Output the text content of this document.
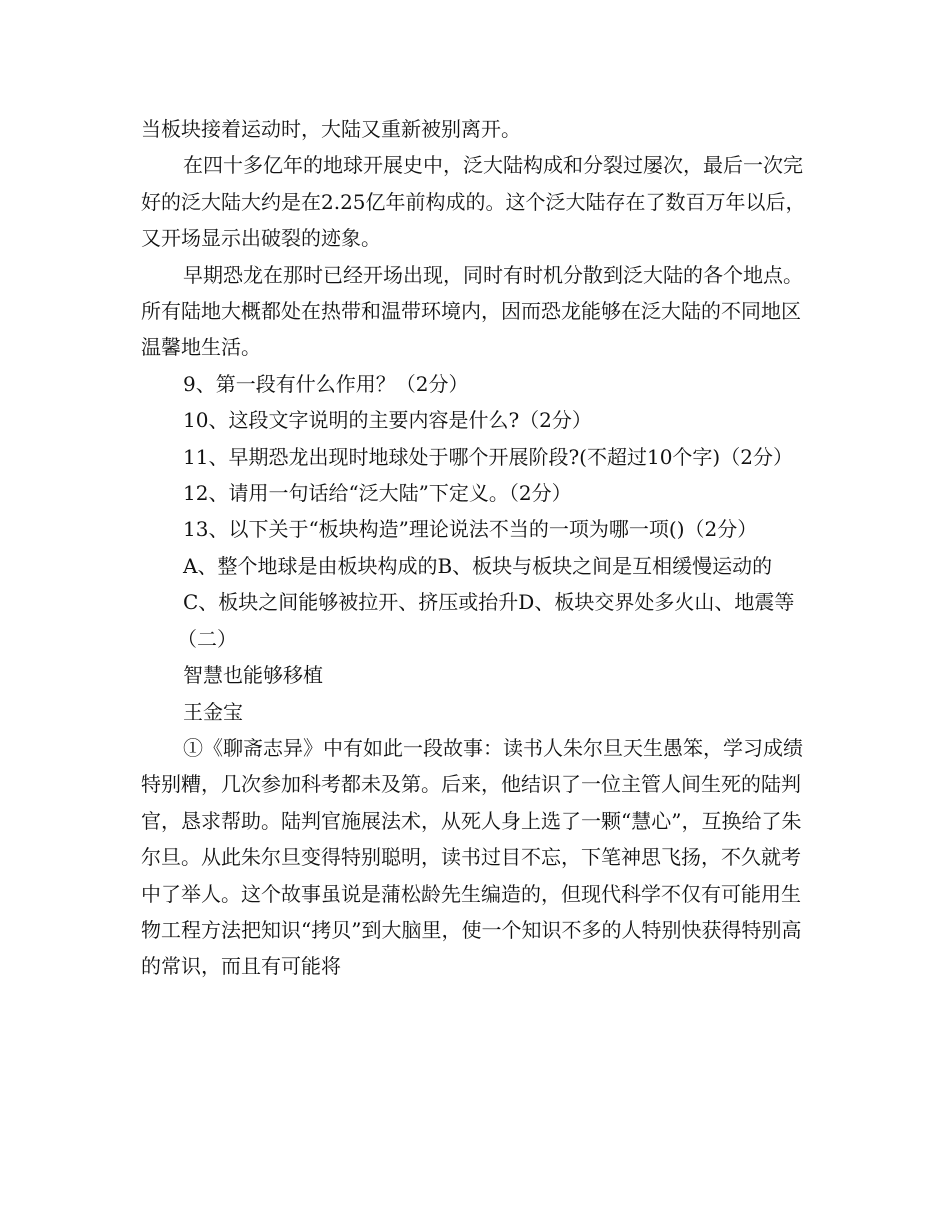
当板块接着运动时，大陆又重新被别离开。

在四十多亿年的地球开展史中，泛大陆构成和分裂过屡次，最后一次完好的泛大陆大约是在2.25亿年前构成的。这个泛大陆存在了数百万年以后，又开场显示出破裂的迹象。

早期恐龙在那时已经开场出现，同时有时机分散到泛大陆的各个地点。所有陆地大概都处在热带和温带环境内，因而恐龙能够在泛大陆的不同地区温馨地生活。

9、第一段有什么作用？（2分）

10、这段文字说明的主要内容是什么?（2分）

11、早期恐龙出现时地球处于哪个开展阶段?(不超过10个字)（2分）

12、请用一句话给“泛大陆”下定义。（2分）

13、以下关于“板块构造”理论说法不当的一项为哪一项()（2分）

A、整个地球是由板块构成的B、板块与板块之间是互相缓慢运动的

C、板块之间能够被拉开、挤压或抬升D、板块交界处多火山、地震等

（二）

智慧也能够移植

王金宝

①《聊斋志异》中有如此一段故事：读书人朱尔旦天生愚笨，学习成绩特别糟，几次参加科考都未及第。后来，他结识了一位主管人间生死的陆判官，恳求帮助。陆判官施展法术，从死人身上选了一颗“慧心”，互换给了朱尔旦。从此朱尔旦变得特别聪明，读书过目不忘，下笔神思飞扬，不久就考中了举人。这个故事虽说是蒲松龄先生编造的，但现代科学不仅有可能用生物工程方法把知识“拷贝”到大脑里，使一个知识不多的人特别快获得特别高的常识，而且有可能将
